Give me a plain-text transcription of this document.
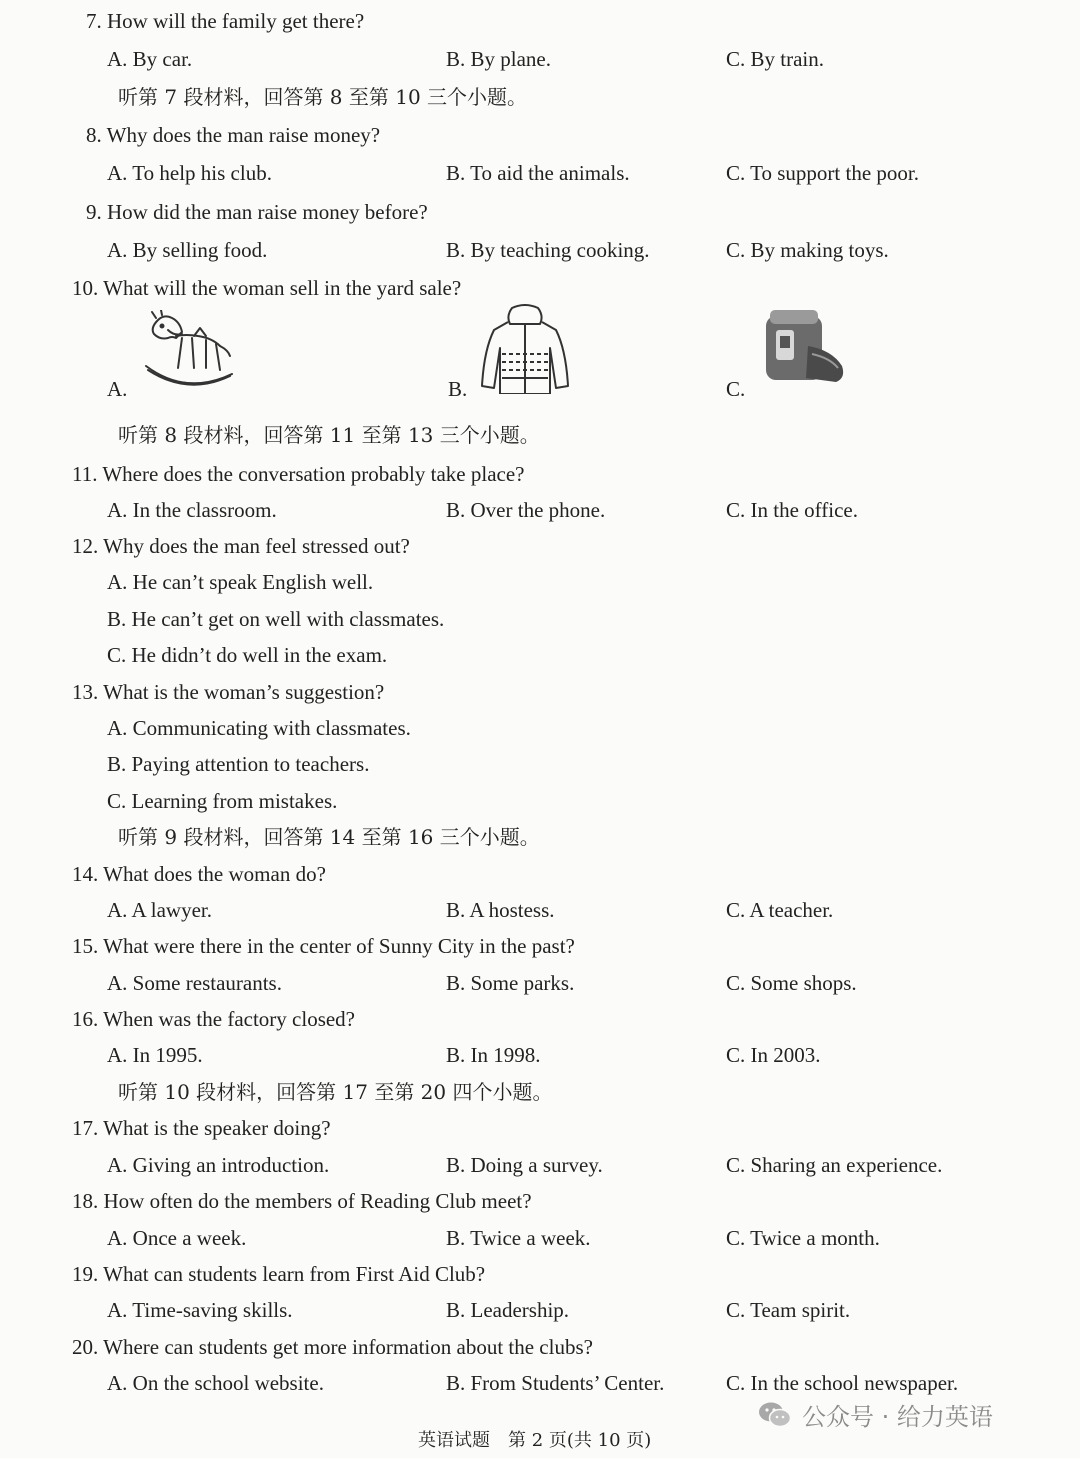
7. How will the family get there?
A. By car.	B. By plane.	C. By train.
听第 7 段材料，回答第 8 至第 10 三个小题。
8. Why does the man raise money?
A. To help his club.	B. To aid the animals.	C. To support the poor.
9. How did the man raise money before?
A. By selling food.	B. By teaching cooking.	C. By making toys.
10. What will the woman sell in the yard sale?
A.	B.	C.
听第 8 段材料，回答第 11 至第 13 三个小题。
11. Where does the conversation probably take place?
A. In the classroom.	B. Over the phone.	C. In the office.
12. Why does the man feel stressed out?
A. He can’t speak English well.
B. He can’t get on well with classmates.
C. He didn’t do well in the exam.
13. What is the woman’s suggestion?
A. Communicating with classmates.
B. Paying attention to teachers.
C. Learning from mistakes.
听第 9 段材料，回答第 14 至第 16 三个小题。
14. What does the woman do?
A. A lawyer.	B. A hostess.	C. A teacher.
15. What were there in the center of Sunny City in the past?
A. Some restaurants.	B. Some parks.	C. Some shops.
16. When was the factory closed?
A. In 1995.	B. In 1998.	C. In 2003.
听第 10 段材料，回答第 17 至第 20 四个小题。
17. What is the speaker doing?
A. Giving an introduction.	B. Doing a survey.	C. Sharing an experience.
18. How often do the members of Reading Club meet?
A. Once a week.	B. Twice a week.	C. Twice a month.
19. What can students learn from First Aid Club?
A. Time-saving skills.	B. Leadership.	C. Team spirit.
20. Where can students get more information about the clubs?
A. On the school website.	B. From Students’ Center.	C. In the school newspaper.
公众号 · 给力英语
英语试题　第 2 页(共 10 页)
